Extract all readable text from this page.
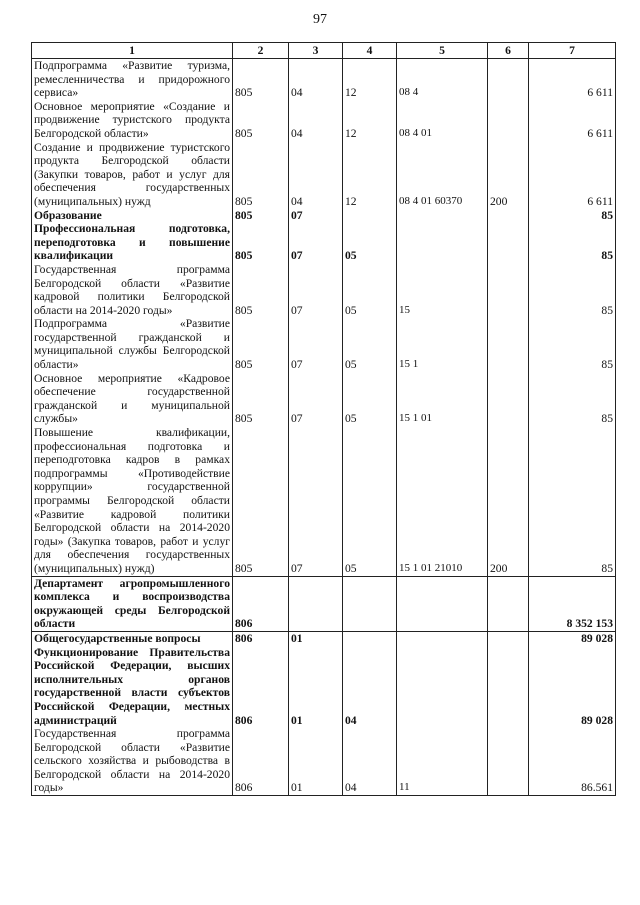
97
1	2	3	4	5	6	7
Подпрограмма «Развитие туризма, ремесленничества и придорожного сервиса»	805	04	12	08 4		6 611
Основное мероприятие «Создание и продвижение туристского продукта Белгородской области»	805	04	12	08 4 01		6 611
Создание и продвижение туристского продукта Белгородской области (Закупки товаров, работ и услуг для обеспечения государственных (муниципальных) нужд	805	04	12	08 4 01 60370	200	6 611
Образование	805	07				85
Профессиональная подготовка, переподготовка и повышение квалификации	805	07	05			85
Государственная программа Белгородской области «Развитие кадровой политики Белгородской области на 2014-2020 годы»	805	07	05	15		85
Подпрограмма «Развитие государственной гражданской и муниципальной службы Белгородской области»	805	07	05	15 1		85
Основное мероприятие «Кадровое обеспечение государственной гражданской и муниципальной службы»	805	07	05	15 1 01		85
Повышение квалификации, профессиональная подготовка и переподготовка кадров в рамках подпрограммы «Противодействие коррупции» государственной программы Белгородской области «Развитие кадровой политики Белгородской области на 2014-2020 годы» (Закупка товаров, работ и услуг для обеспечения государственных (муниципальных) нужд)	805	07	05	15 1 01 21010	200	85
Департамент агропромышленного комплекса и воспроизводства окружающей среды Белгородской области	806					8 352 153
Общегосударственные вопросы	806	01				89 028
Функционирование Правительства Российской Федерации, высших исполнительных органов государственной власти субъектов Российской Федерации, местных администраций	806	01	04			89 028
Государственная программа Белгородской области «Развитие сельского хозяйства и рыбоводства в Белгородской области на 2014-2020 годы»	806	01	04	11		86.561
